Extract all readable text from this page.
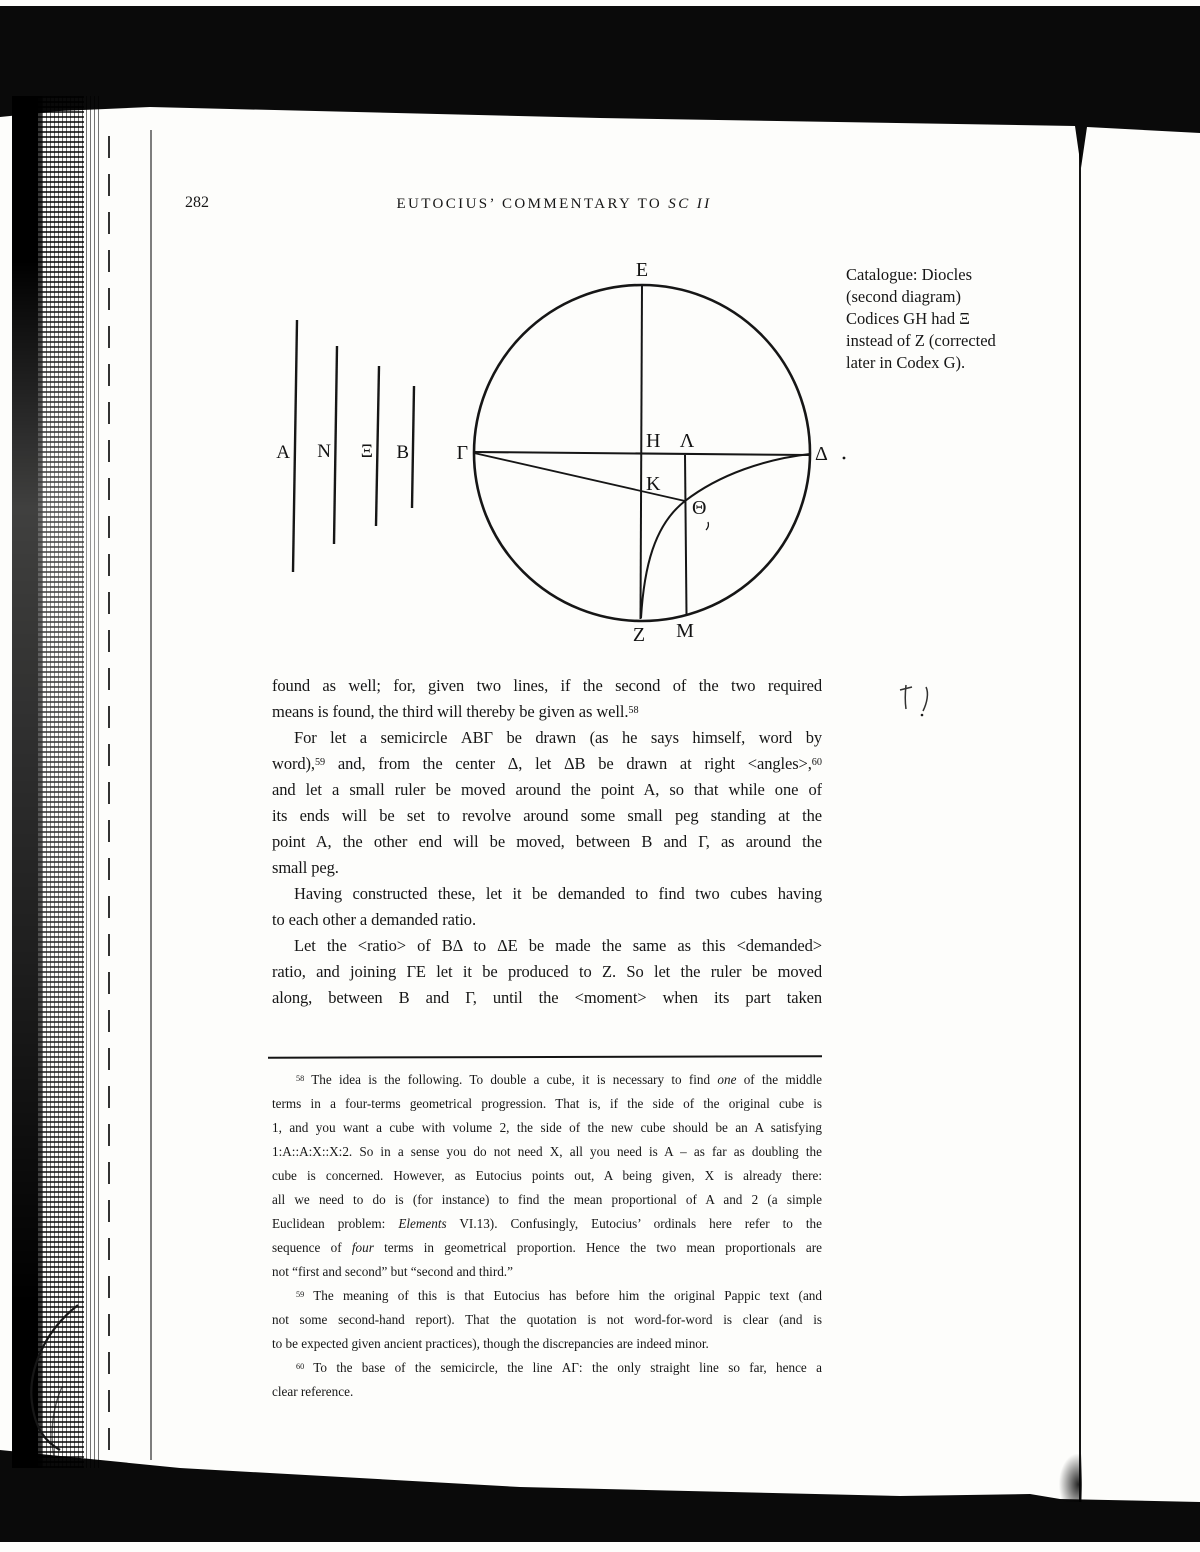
282	EUTOCIUS’ COMMENTARY TO SC II
Catalogue: Diocles
(second diagram)
Codices GH had Ξ
instead of Z (corrected
later in Codex G).
A N Ξ B
E
Γ	Δ
H Λ
K
Θ
Z M
found as well; for, given two lines, if the second of the two required
means is found, the third will thereby be given as well.$^{58}$
For let a semicircle ΑΒΓ be drawn (as he says himself, word by
word),$^{59}$ and, from the center Δ, let ΔΒ be drawn at right <angles>,$^{60}$
and let a small ruler be moved around the point A, so that while one of
its ends will be set to revolve around some small peg standing at the
point A, the other end will be moved, between B and Γ, as around the
small peg.
Having constructed these, let it be demanded to find two cubes having
to each other a demanded ratio.
Let the <ratio> of ΒΔ to ΔΕ be made the same as this <demanded>
ratio, and joining ΓΕ let it be produced to Z. So let the ruler be moved
along, between B and Γ, until the <moment> when its part taken
$^{58}$ The idea is the following. To double a cube, it is necessary to find one of the middle
terms in a four-terms geometrical progression. That is, if the side of the original cube is
1, and you want a cube with volume 2, the side of the new cube should be an A satisfying
1:A::A:X::X:2. So in a sense you do not need X, all you need is A – as far as doubling the
cube is concerned. However, as Eutocius points out, A being given, X is already there:
all we need to do is (for instance) to find the mean proportional of A and 2 (a simple
Euclidean problem: Elements VI.13). Confusingly, Eutocius’ ordinals here refer to the
sequence of four terms in geometrical proportion. Hence the two mean proportionals are
not “first and second” but “second and third.”
$^{59}$ The meaning of this is that Eutocius has before him the original Pappic text (and
not some second-hand report). That the quotation is not word-for-word is clear (and is
to be expected given ancient practices), though the discrepancies are indeed minor.
$^{60}$ To the base of the semicircle, the line ΑΓ: the only straight line so far, hence a
clear reference.
